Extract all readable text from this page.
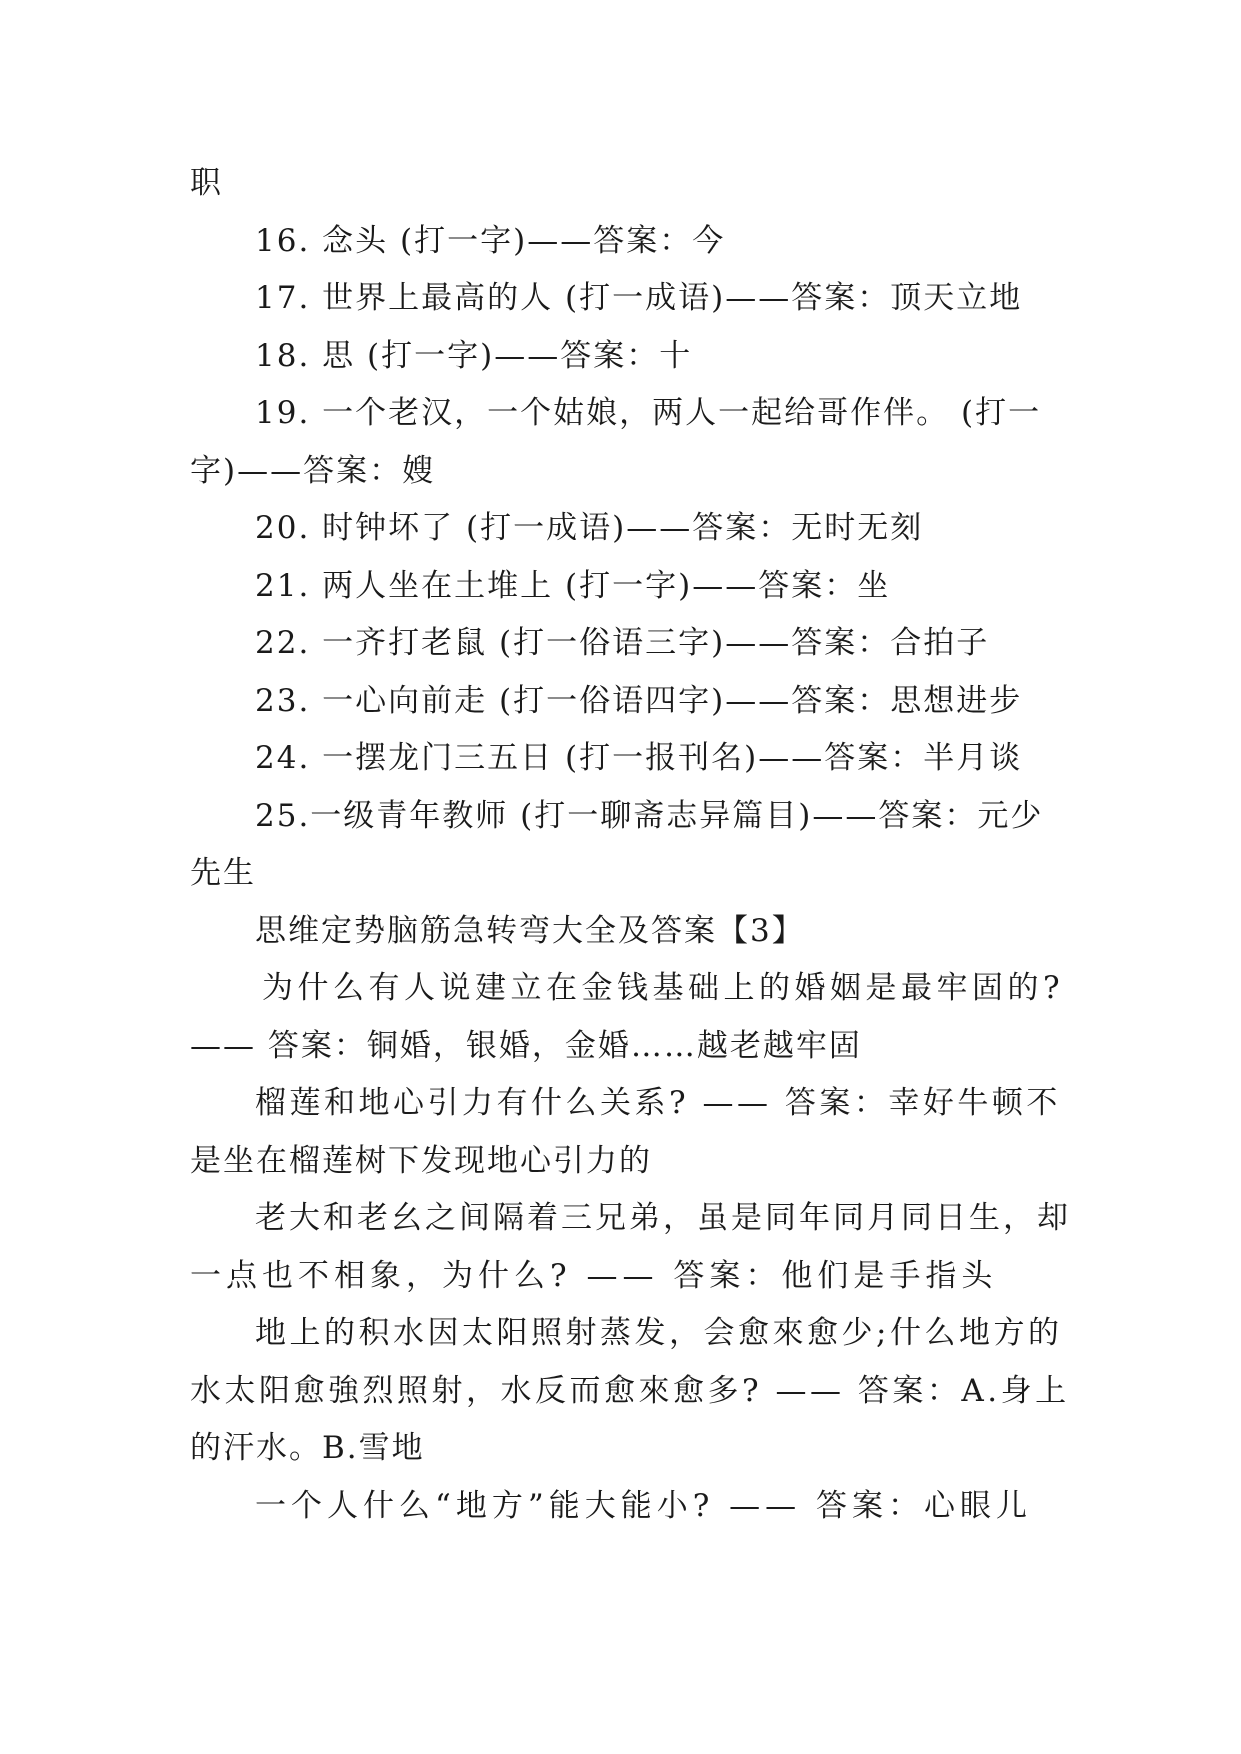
职
16. 念头 (打一字)——答案：今
17. 世界上最高的人 (打一成语)——答案：顶天立地
18. 思 (打一字)——答案：十
19. 一个老汉，一个姑娘，两人一起给哥作伴。 (打一
字)——答案：嫂
20. 时钟坏了 (打一成语)——答案：无时无刻
21. 两人坐在土堆上 (打一字)——答案：坐
22. 一齐打老鼠 (打一俗语三字)——答案：合拍子
23. 一心向前走 (打一俗语四字)——答案：思想进步
24. 一摆龙门三五日 (打一报刊名)——答案：半月谈
25.一级青年教师 (打一聊斋志异篇目)——答案：元少
先生
思维定势脑筋急转弯大全及答案【3】
为什么有人说建立在金钱基础上的婚姻是最牢固的?
—— 答案：铜婚，银婚，金婚……越老越牢固
榴莲和地心引力有什么关系? —— 答案：幸好牛顿不
是坐在榴莲树下发现地心引力的
老大和老幺之间隔着三兄弟，虽是同年同月同日生，却
一点也不相象，为什么? —— 答案：他们是手指头
地上的积水因太阳照射蒸发，会愈來愈少;什么地方的
水太阳愈強烈照射，水反而愈來愈多? —— 答案：A.身上
的汗水。B.雪地
一个人什么“地方”能大能小? —— 答案：心眼儿
